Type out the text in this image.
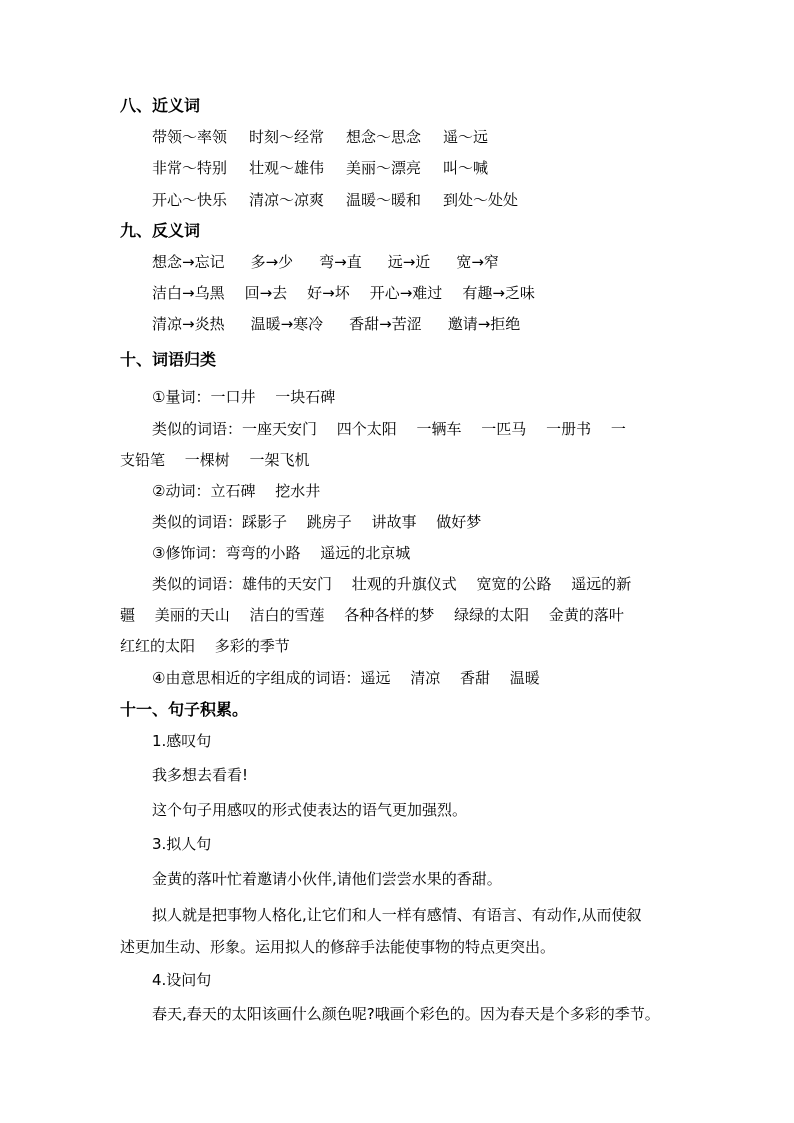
八、近义词
带领～率领 时刻～经常 想念～思念 遥～远
非常～特别 壮观～雄伟 美丽～漂亮 叫～喊
开心～快乐 清凉～凉爽 温暖～暖和 到处～处处
九、反义词
想念→忘记 多→少 弯→直 远→近 宽→窄
洁白→乌黑 回→去 好→坏 开心→难过 有趣→乏味
清凉→炎热 温暖→寒冷 香甜→苦涩 邀请→拒绝
十、词语归类
①量词：一口井　 一块石碑
类似的词语：一座天安门　 四个太阳　 一辆车　 一匹马　 一册书　 一
支铅笔　 一棵树　 一架飞机
②动词：立石碑　 挖水井
类似的词语：踩影子　 跳房子　 讲故事　 做好梦
③修饰词：弯弯的小路　 遥远的北京城
类似的词语：雄伟的天安门　 壮观的升旗仪式　 宽宽的公路　 遥远的新
疆　 美丽的天山　 洁白的雪莲　 各种各样的梦　 绿绿的太阳　 金黄的落叶
红红的太阳　 多彩的季节
④由意思相近的字组成的词语：遥远　 清凉　 香甜　 温暖
十一、句子积累。
1.感叹句
我多想去看看!
这个句子用感叹的形式使表达的语气更加强烈。
3.拟人句
金黄的落叶忙着邀请小伙伴,请他们尝尝水果的香甜。
拟人就是把事物人格化,让它们和人一样有感情、有语言、有动作,从而使叙
述更加生动、形象。运用拟人的修辞手法能使事物的特点更突出。
4.设问句
春天,春天的太阳该画什么颜色呢?哦画个彩色的。因为春天是个多彩的季节。
